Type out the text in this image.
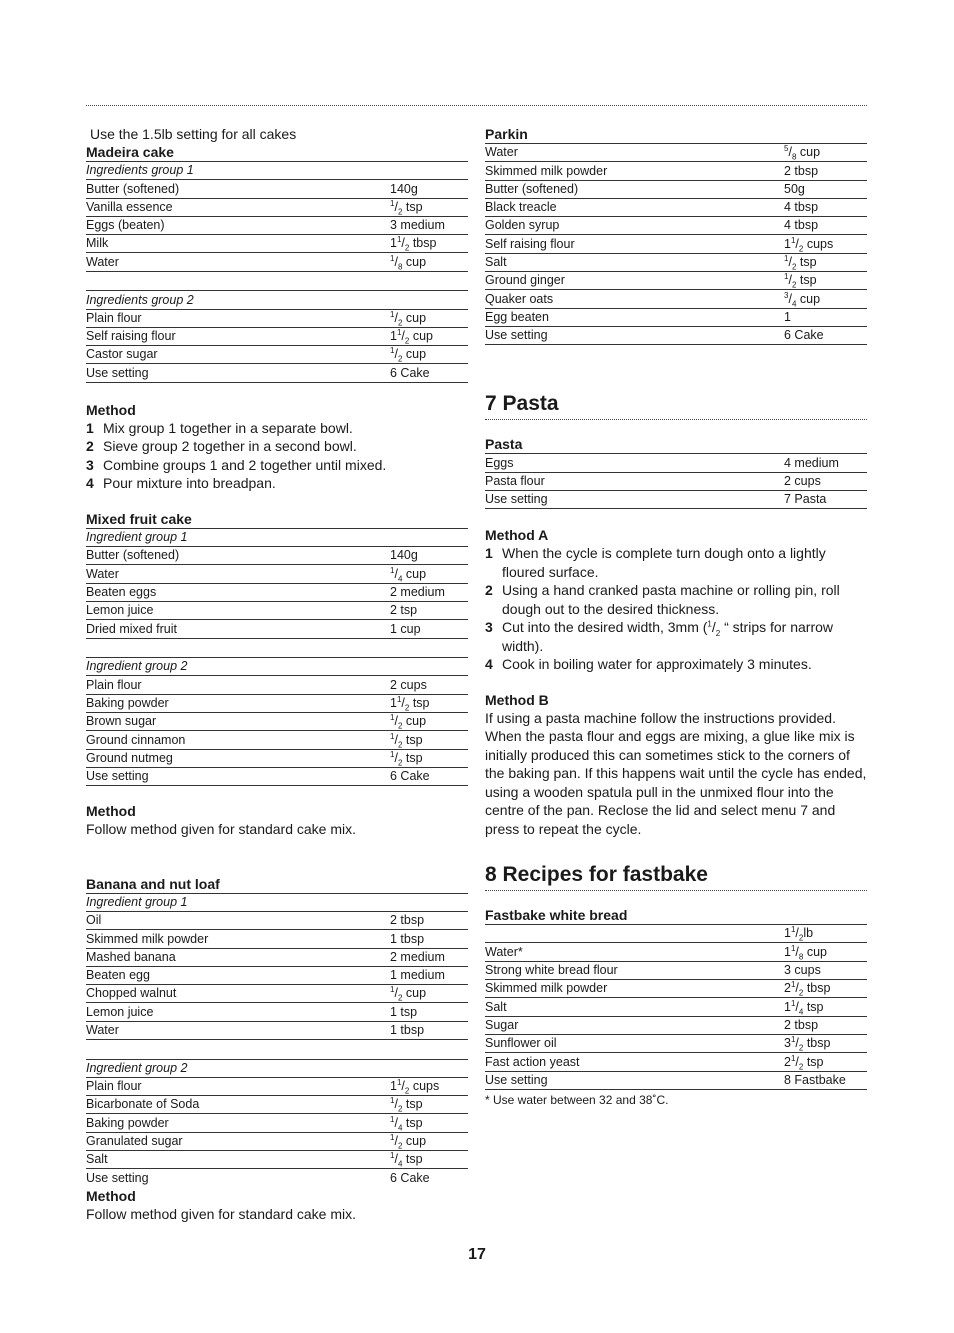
Use the 1.5lb setting for all cakes
Madeira cake
Ingredients group 1	
Butter (softened)	140g
Vanilla essence	$^1/_2$ tsp
Eggs (beaten)	3 medium
Milk	$1^1/_2$ tbsp
Water	$^1/_8$ cup

Ingredients group 2	
Plain flour	$^1/_2$ cup
Self raising flour	$1^1/_2$ cup
Castor sugar	$^1/_2$ cup
Use setting	6 Cake
Method
1 Mix group 1 together in a separate bowl.
2 Sieve group 2 together in a second bowl.
3 Combine groups 1 and 2 together until mixed.
4 Pour mixture into breadpan.
Mixed fruit cake
Ingredient group 1	
Butter (softened)	140g
Water	$^1/_4$ cup
Beaten eggs	2 medium
Lemon juice	2 tsp
Dried mixed fruit	1 cup

Ingredient group 2	
Plain flour	2 cups
Baking powder	$1^1/_2$ tsp
Brown sugar	$^1/_2$ cup
Ground cinnamon	$^1/_2$ tsp
Ground nutmeg	$^1/_2$ tsp
Use setting	6 Cake
Method

Follow method given for standard cake mix.

Banana and nut loaf
Ingredient group 1	
Oil	2 tbsp
Skimmed milk powder	1 tbsp
Mashed banana	2 medium
Beaten egg	1 medium
Chopped walnut	$^1/_2$ cup
Lemon juice	1 tsp
Water	1 tbsp

Ingredient group 2	
Plain flour	$1^1/_2$ cups
Bicarbonate of Soda	$^1/_2$ tsp
Baking powder	$^1/_4$ tsp
Granulated sugar	$^1/_2$ cup
Salt	$^1/_4$ tsp
Use setting	6 Cake
Method

Follow method given for standard cake mix.

Parkin
Water	$^5/_8$ cup
Skimmed milk powder	2 tbsp
Butter (softened)	50g
Black treacle	4 tbsp
Golden syrup	4 tbsp
Self raising flour	$1^1/_2$ cups
Salt	$^1/_2$ tsp
Ground ginger	$^1/_2$ tsp
Quaker oats	$^3/_4$ cup
Egg beaten	1
Use setting	6 Cake
7 Pasta
Pasta
Eggs	4 medium
Pasta flour	2 cups
Use setting	7 Pasta
Method A
1 When the cycle is complete turn dough onto a lightly floured surface.
2 Using a hand cranked pasta machine or rolling pin, roll dough out to the desired thickness.
3 Cut into the desired width, 3mm ($^1/_2$ “ strips for narrow width).
4 Cook in boiling water for approximately 3 minutes.
Method B

If using a pasta machine follow the instructions provided.

When the pasta flour and eggs are mixing, a glue like mix is initially produced this can sometimes stick to the corners of the baking pan. If this happens wait until the cycle has ended, using a wooden spatula pull in the unmixed flour into the centre of the pan. Reclose the lid and select menu 7 and press to repeat the cycle.

8 Recipes for fastbake
Fastbake white bread
	$1^1/_2lb$
Water*	$1^1/_8$ cup
Strong white bread flour	3 cups
Skimmed milk powder	$2^1/_2$ tbsp
Salt	$1^1/_4$ tsp
Sugar	2 tbsp
Sunflower oil	$3^1/_2$ tbsp
Fast action yeast	$2^1/_2$ tsp
Use setting	8 Fastbake
* Use water between 32 and 38˚C.
17
